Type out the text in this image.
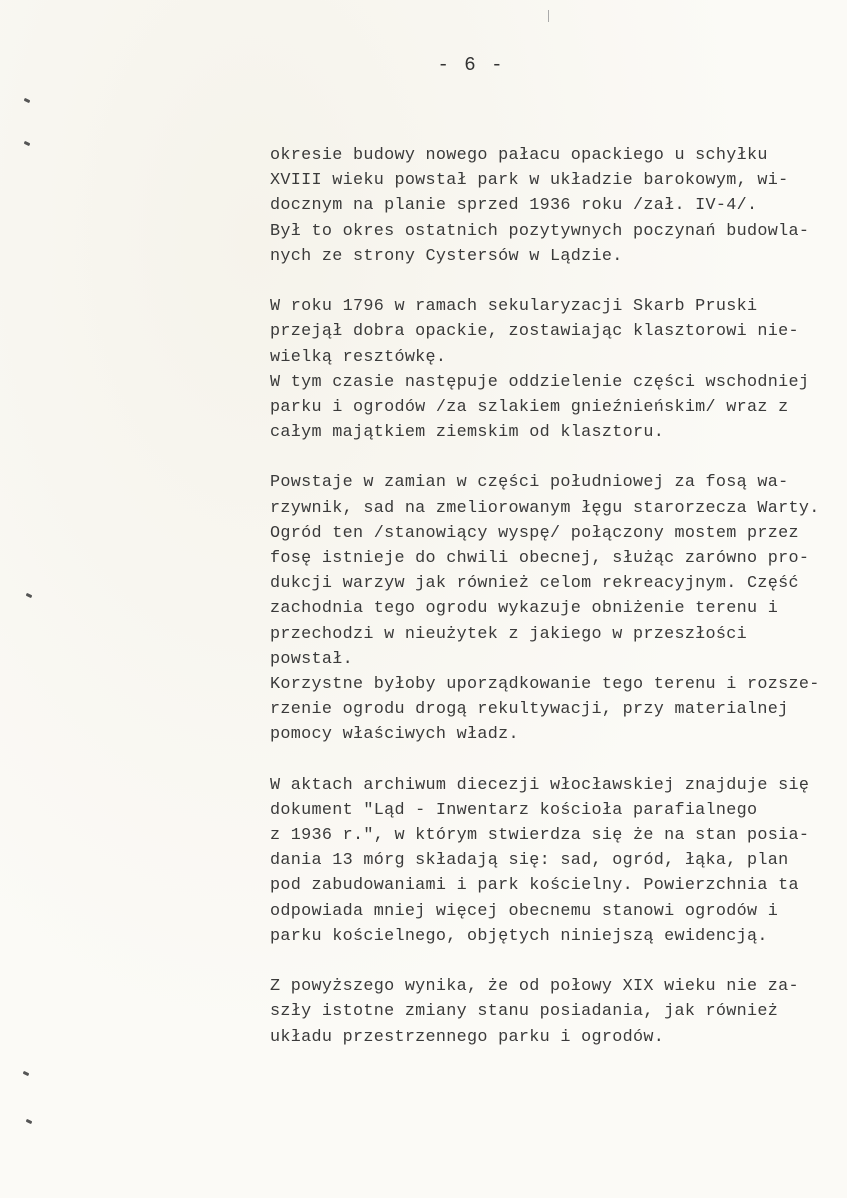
- 6 -
okresie budowy nowego pałacu opackiego u schyłku
XVIII wieku powstał park w układzie barokowym, wi-
docznym na planie sprzed 1936 roku /zał. IV-4/.
Był to okres ostatnich pozytywnych poczynań budowla-
nych ze strony Cystersów w Lądzie.
W roku 1796 w ramach sekularyzacji Skarb Pruski
przejął dobra opackie, zostawiając klasztorowi nie-
wielką resztówkę.
W tym czasie następuje oddzielenie części wschodniej
parku i ogrodów /za szlakiem gnieźnieńskim/ wraz z
całym majątkiem ziemskim od klasztoru.
Powstaje w zamian w części południowej za fosą wa-
rzywnik, sad na zmeliorowanym łęgu starorzecza Warty.
Ogród ten /stanowiący wyspę/ połączony mostem przez
fosę istnieje do chwili obecnej, służąc zarówno pro-
dukcji warzyw jak również celom rekreacyjnym. Część
zachodnia tego ogrodu wykazuje obniżenie terenu i
przechodzi w nieużytek z jakiego w przeszłości
powstał.
Korzystne byłoby uporządkowanie tego terenu i rozsze-
rzenie ogrodu drogą rekultywacji, przy materialnej
pomocy właściwych władz.
W aktach archiwum diecezji włocławskiej znajduje się
dokument "Ląd - Inwentarz kościoła parafialnego
z 1936 r.", w którym stwierdza się że na stan posia-
dania 13 mórg składają się: sad, ogród, łąka, plan
pod zabudowaniami i park kościelny. Powierzchnia ta
odpowiada mniej więcej obecnemu stanowi ogrodów i
parku kościelnego, objętych niniejszą ewidencją.
Z powyższego wynika, że od połowy XIX wieku nie za-
szły istotne zmiany stanu posiadania, jak również
układu przestrzennego parku i ogrodów.
